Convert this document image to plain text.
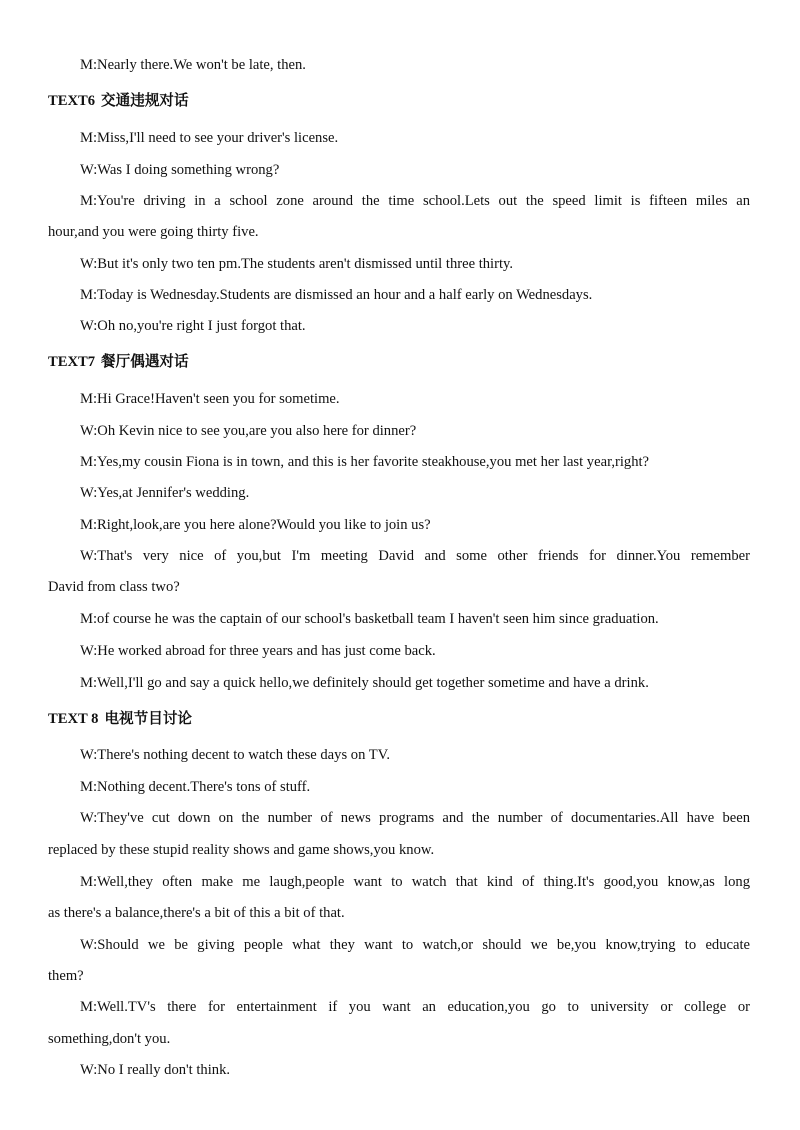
M:Nearly there.We won't be late, then.
TEXT6 交通违规对话
M:Miss,I'll need to see your driver's license.
W:Was I doing something wrong?
M:You're driving in a school zone around the time school.Lets out the speed limit is fifteen miles an
hour,and you were going thirty five.
W:But it's only two ten pm.The students aren't dismissed until three thirty.
M:Today is Wednesday.Students are dismissed an hour and a half early on Wednesdays.
W:Oh no,you're right I just forgot that.
TEXT7 餐厅偶遇对话
M:Hi Grace!Haven't seen you for sometime.
W:Oh Kevin nice to see you,are you also here for dinner?
M:Yes,my cousin Fiona is in town, and this is her favorite steakhouse,you met her last year,right?
W:Yes,at Jennifer's wedding.
M:Right,look,are you here alone?Would you like to join us?
W:That's very nice of you,but I'm meeting David and some other friends for dinner.You remember
David from class two?
M:of course he was the captain of our school's basketball team I haven't seen him since graduation.
W:He worked abroad for three years and has just come back.
M:Well,I'll go and say a quick hello,we definitely should get together sometime and have a drink.
TEXT 8 电视节目讨论
W:There's nothing decent to watch these days on TV.
M:Nothing decent.There's tons of stuff.
W:They've cut down on the number of news programs and the number of documentaries.All have been
replaced by these stupid reality shows and game shows,you know.
M:Well,they often make me laugh,people want to watch that kind of thing.It's good,you know,as long
as there's a balance,there's a bit of this a bit of that.
W:Should we be giving people what they want to watch,or should we be,you know,trying to educate
them?
M:Well.TV's there for entertainment if you want an education,you go to university or college or
something,don't you.
W:No I really don't think.
